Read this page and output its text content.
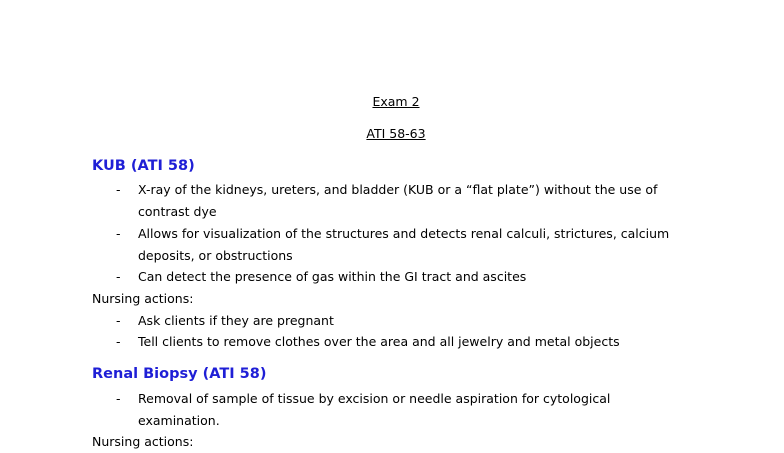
Exam 2
ATI 58-63
KUB (ATI 58)
- X-ray of the kidneys, ureters, and bladder (KUB or a “flat plate”) without the use of contrast dye
- Allows for visualization of the structures and detects renal calculi, strictures, calcium deposits, or obstructions
- Can detect the presence of gas within the GI tract and ascites
Nursing actions:
- Ask clients if they are pregnant
- Tell clients to remove clothes over the area and all jewelry and metal objects
Renal Biopsy (ATI 58)
- Removal of sample of tissue by excision or needle aspiration for cytological examination.
Nursing actions:
